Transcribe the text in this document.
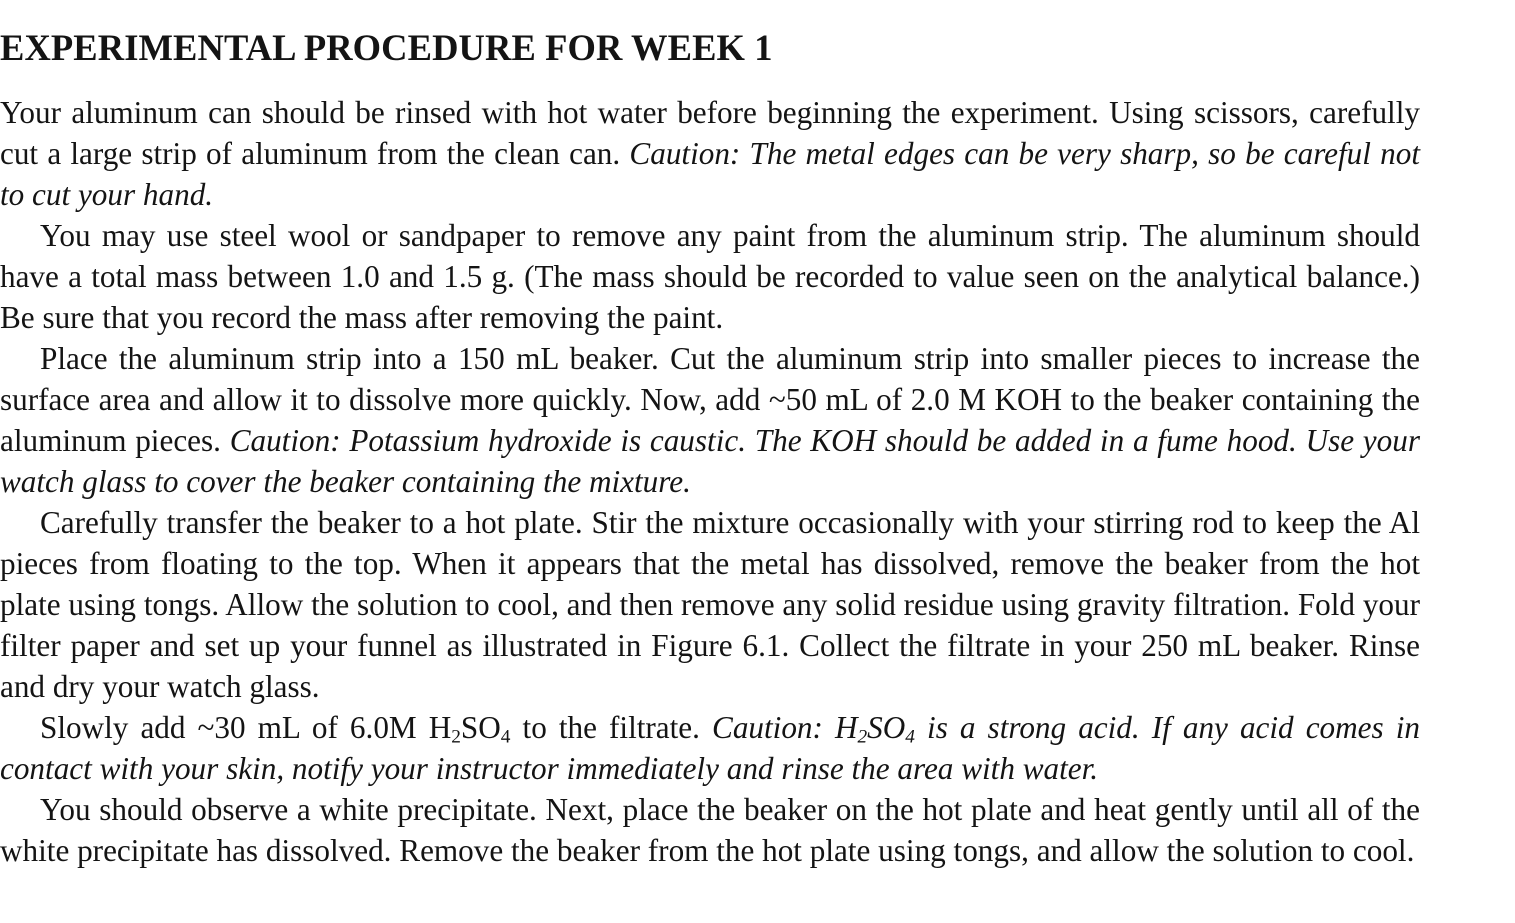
EXPERIMENTAL PROCEDURE FOR WEEK 1

Your aluminum can should be rinsed with hot water before beginning the experiment. Using scissors, carefully cut a large strip of aluminum from the clean can. Caution: The metal edges can be very sharp, so be careful not to cut your hand.

You may use steel wool or sandpaper to remove any paint from the aluminum strip. The aluminum should have a total mass between 1.0 and 1.5 g. (The mass should be recorded to value seen on the analytical balance.) Be sure that you record the mass after removing the paint.

Place the aluminum strip into a 150 mL beaker. Cut the aluminum strip into smaller pieces to increase the surface area and allow it to dissolve more quickly. Now, add ~50 mL of 2.0 M KOH to the beaker containing the aluminum pieces. Caution: Potassium hydroxide is caustic. The KOH should be added in a fume hood. Use your watch glass to cover the beaker containing the mixture.

Carefully transfer the beaker to a hot plate. Stir the mixture occasionally with your stirring rod to keep the Al pieces from floating to the top. When it appears that the metal has dissolved, remove the beaker from the hot plate using tongs. Allow the solution to cool, and then remove any solid residue using gravity filtration. Fold your filter paper and set up your funnel as illustrated in Figure 6.1. Collect the filtrate in your 250 mL beaker. Rinse and dry your watch glass.

Slowly add ~30 mL of 6.0M $H_2SO_4$ to the filtrate. Caution: $H_2SO_4$ is a strong acid. If any acid comes in contact with your skin, notify your instructor immediately and rinse the area with water.

You should observe a white precipitate. Next, place the beaker on the hot plate and heat gently until all of the white precipitate has dissolved. Remove the beaker from the hot plate using tongs, and allow the solution to cool.
